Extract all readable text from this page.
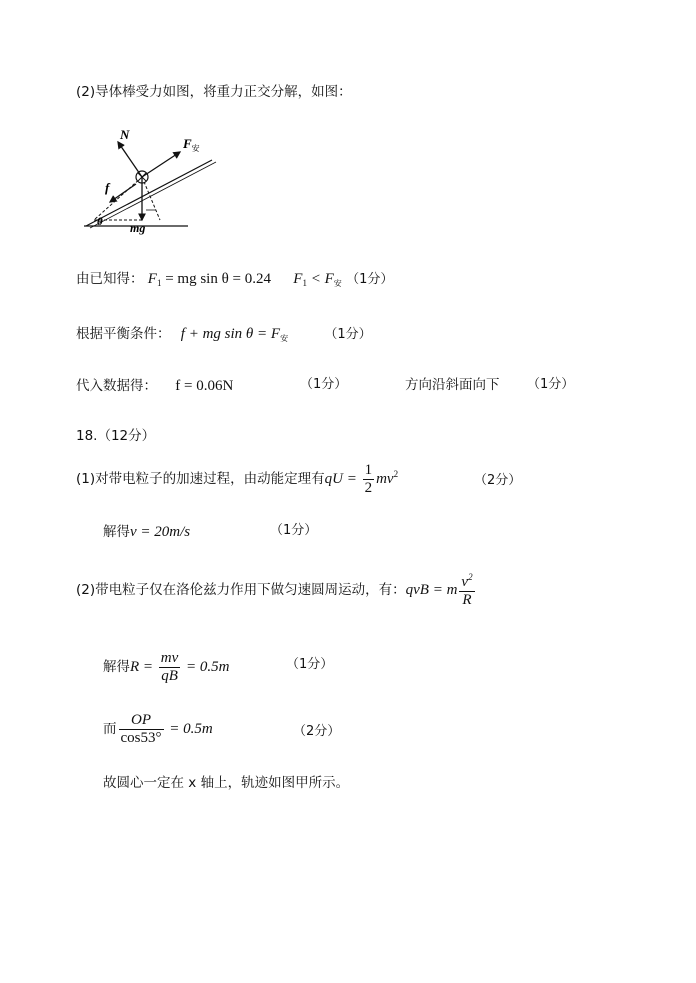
(2)导体棒受力如图，将重力正交分解，如图：
N
$F_安$
f
θ mg
由已知得： $F_1$ = mg sin θ = 0.24 $F_1 < F_安$ （1分）
根据平衡条件： f + mg $\sin \theta = F_安$	（1分）
代入数据得： f = 0.06N	（1分）	方向沿斜面向下 （1分）
18.（12分）
(1)对带电粒子的加速过程，由动能定理有qU = $\frac{1}{2} mv^2$	（2分）
解得v = 20m/s	（1分）
(2)带电粒子仅在洛伦兹力作用下做匀速圆周运动，有：qvB = m $\frac{v^2}{R}$
解得$R = \frac{mv}{qB} = 0.5m$	（1分）
而 $\frac{OP}{\cos 53^\circ} = 0.5m$	（2分）
故圆心一定在 x 轴上，轨迹如图甲所示。
